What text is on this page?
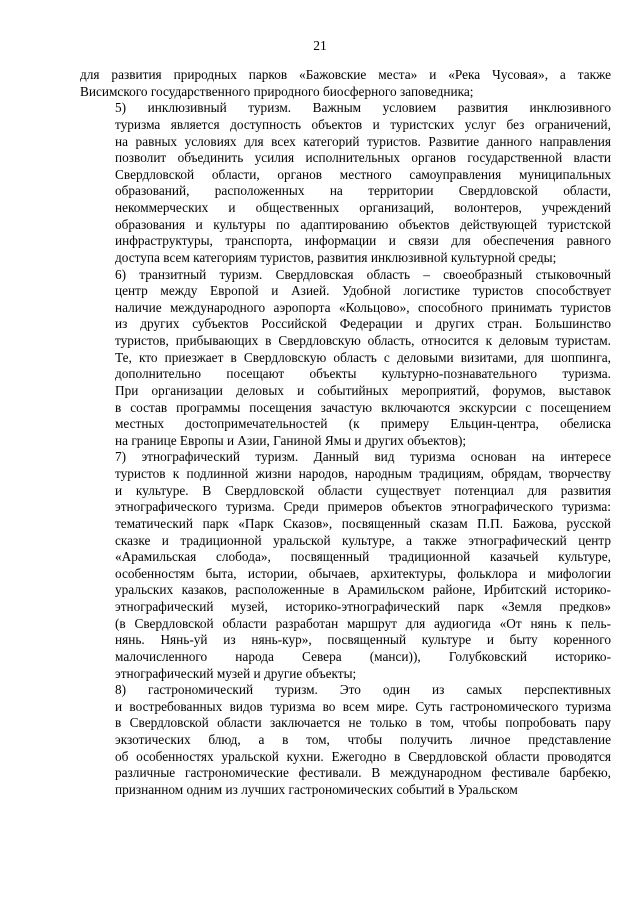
21

для развития природных парков «Бажовские места» и «Река Чусовая», а также
Висимского государственного природного биосферного заповедника;

5) инклюзивный туризм. Важным условием развития инклюзивного
туризма является доступность объектов и туристских услуг без ограничений,
на равных условиях для всех категорий туристов. Развитие данного направления
позволит объединить усилия исполнительных органов государственной власти
Свердловской области, органов местного самоуправления муниципальных
образований, расположенных на территории Свердловской области,
некоммерческих и общественных организаций, волонтеров, учреждений
образования и культуры по адаптированию объектов действующей туристской
инфраструктуры, транспорта, информации и связи для обеспечения равного
доступа всем категориям туристов, развития инклюзивной культурной среды;

6) транзитный туризм. Свердловская область – своеобразный стыковочный
центр между Европой и Азией. Удобной логистике туристов способствует
наличие международного аэропорта «Кольцово», способного принимать туристов
из других субъектов Российской Федерации и других стран. Большинство
туристов, прибывающих в Свердловскую область, относится к деловым туристам.
Те, кто приезжает в Свердловскую область с деловыми визитами, для шоппинга,
дополнительно посещают объекты культурно-познавательного туризма.
При организации деловых и событийных мероприятий, форумов, выставок
в состав программы посещения зачастую включаются экскурсии с посещением
местных достопримечательностей (к примеру Ельцин-центра, обелиска
на границе Европы и Азии, Ганиной Ямы и других объектов);

7) этнографический туризм. Данный вид туризма основан на интересе
туристов к подлинной жизни народов, народным традициям, обрядам, творчеству
и культуре. В Свердловской области существует потенциал для развития
этнографического туризма. Среди примеров объектов этнографического туризма:
тематический парк «Парк Сказов», посвященный сказам П.П. Бажова, русской
сказке и традиционной уральской культуре, а также этнографический центр
«Арамильская слобода», посвященный традиционной казачьей культуре,
особенностям быта, истории, обычаев, архитектуры, фольклора и мифологии
уральских казаков, расположенные в Арамильском районе, Ирбитский историко-
этнографический музей, историко-этнографический парк «Земля предков»
(в Свердловской области разработан маршрут для аудиогида «От нянь к пель-
нянь. Нянь-уй из нянь-кур», посвященный культуре и быту коренного
малочисленного народа Севера (манси)), Голубковский историко-
этнографический музей и другие объекты;

8) гастрономический туризм. Это один из самых перспективных
и востребованных видов туризма во всем мире. Суть гастрономического туризма
в Свердловской области заключается не только в том, чтобы попробовать пару
экзотических блюд, а в том, чтобы получить личное представление
об особенностях уральской кухни. Ежегодно в Свердловской области проводятся
различные гастрономические фестивали. В международном фестивале барбекю,
признанном одним из лучших гастрономических событий в Уральском
